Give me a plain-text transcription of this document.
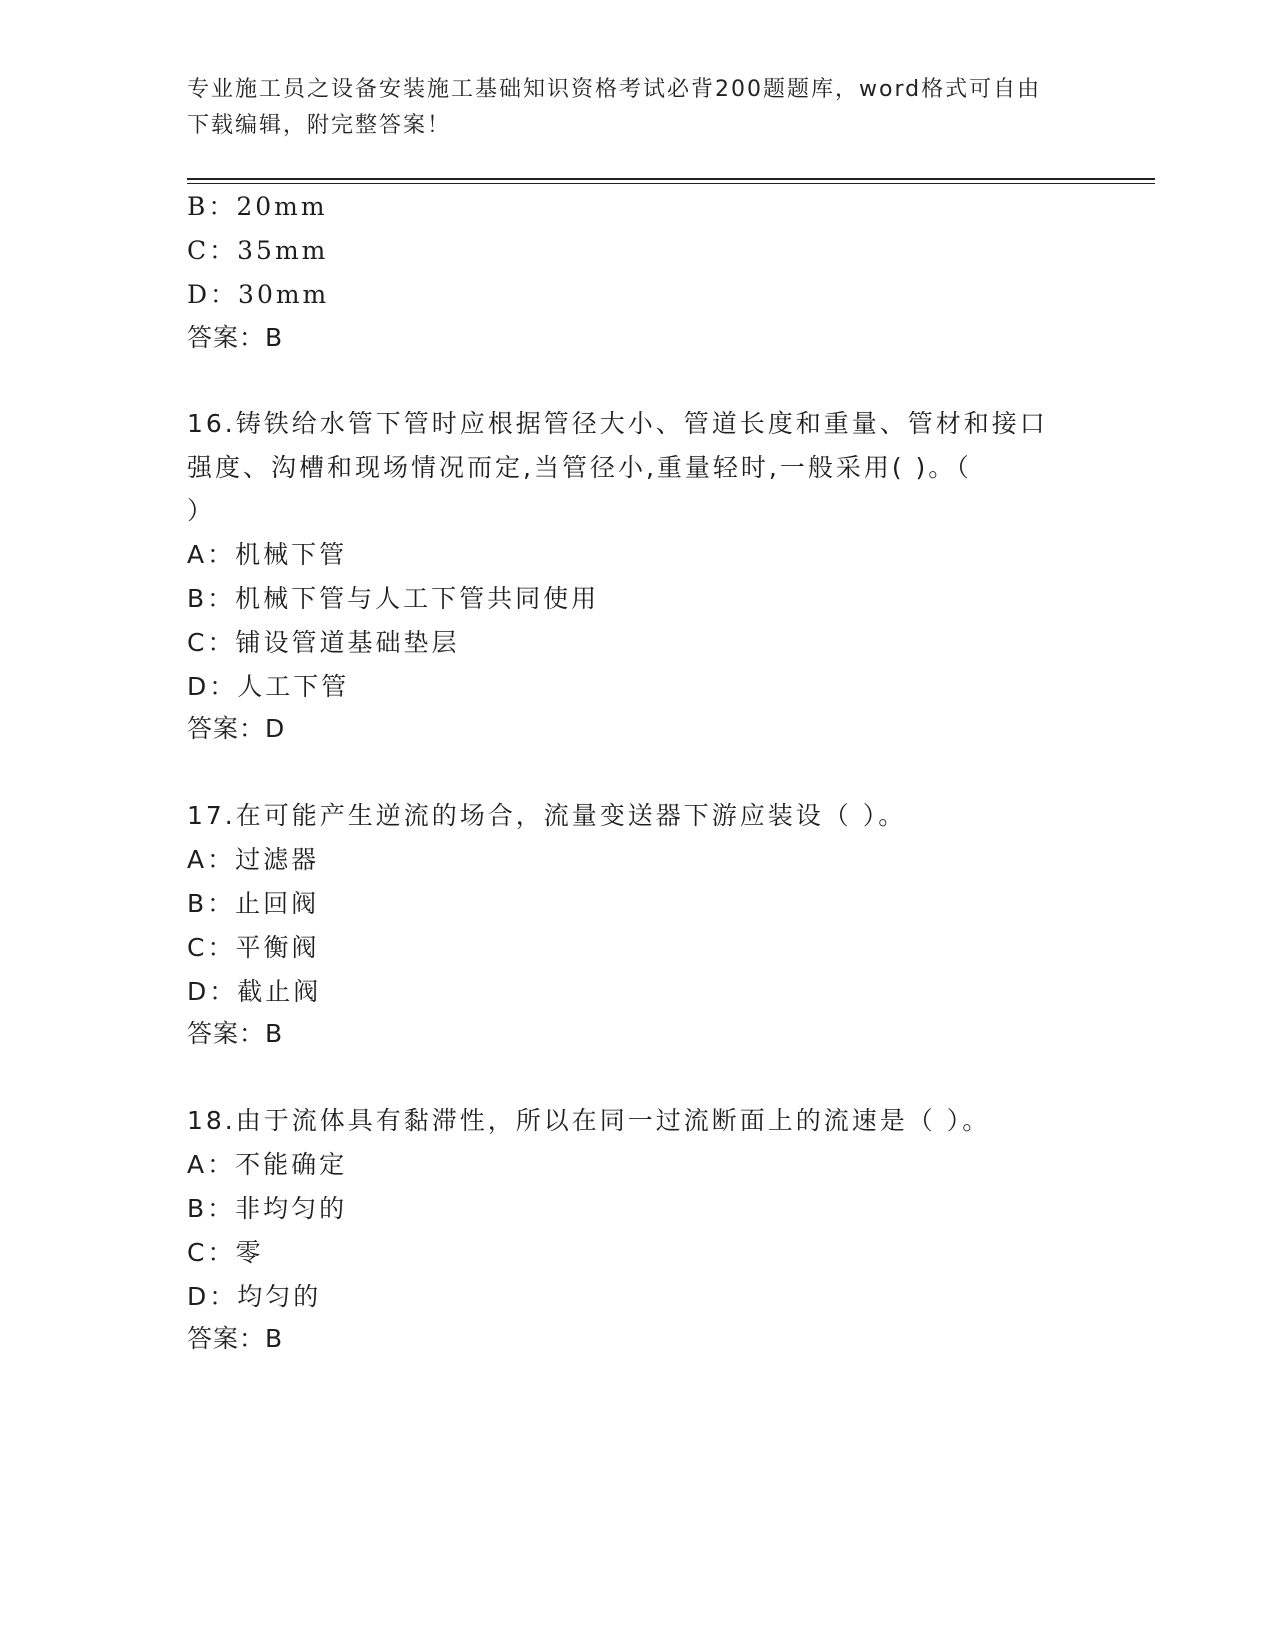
专业施工员之设备安装施工基础知识资格考试必背200题题库，word格式可自由
下载编辑，附完整答案！
B：20mm
C：35mm
D：30mm
答案：B
16.铸铁给水管下管时应根据管径大小、管道长度和重量、管材和接口
强度、沟槽和现场情况而定,当管径小,重量轻时,一般采用( )。（
）
A：机械下管
B：机械下管与人工下管共同使用
C：铺设管道基础垫层
D：人工下管
答案：D
17.在可能产生逆流的场合，流量变送器下游应装设（ ）。
A：过滤器
B：止回阀
C：平衡阀
D：截止阀
答案：B
18.由于流体具有黏滞性，所以在同一过流断面上的流速是（ ）。
A：不能确定
B：非均匀的
C：零
D：均匀的
答案：B
